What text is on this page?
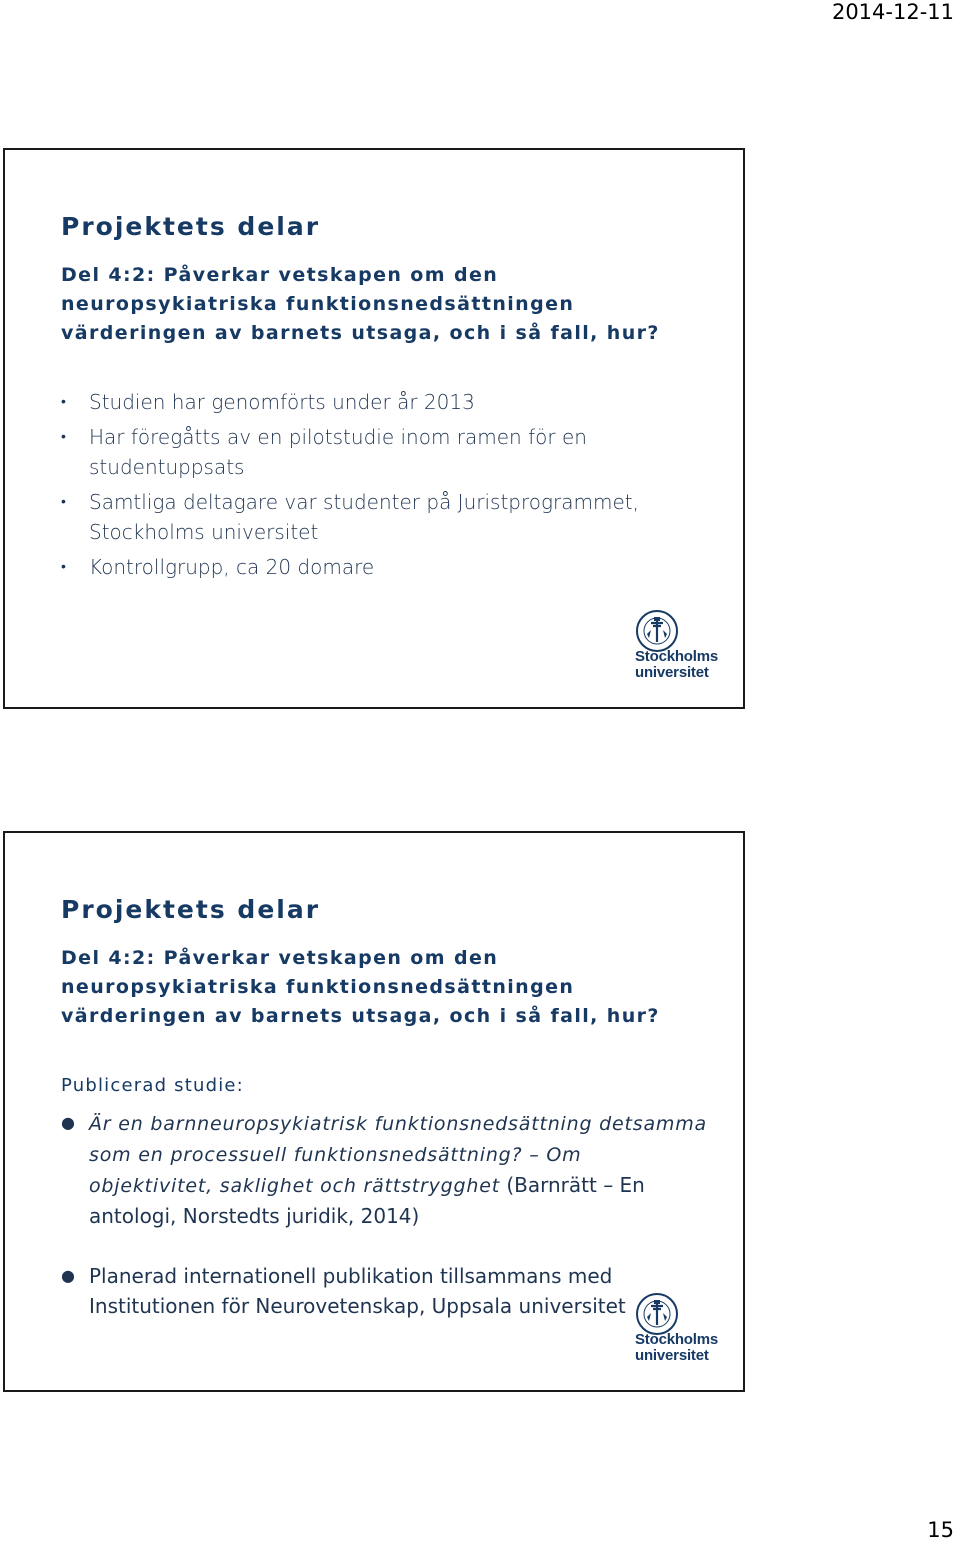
2014-12-11
Projektets delar
Del 4:2: Påverkar vetskapen om den
neuropsykiatriska funktionsnedsättningen
värderingen av barnets utsaga, och i så fall, hur?
• Studien har genomförts under år 2013
• Har föregåtts av en pilotstudie inom ramen för en studentuppsats
• Samtliga deltagare var studenter på Juristprogrammet, Stockholms universitet
• Kontrollgrupp, ca 20 domare
Stockholms
universitet
Projektets delar
Del 4:2: Påverkar vetskapen om den
neuropsykiatriska funktionsnedsättningen
värderingen av barnets utsaga, och i så fall, hur?
Publicerad studie:
● Är en barnneuropsykiatrisk funktionsnedsättning detsamma som en processuell funktionsnedsättning? – Om objektivitet, saklighet och rättstrygghet (Barnrätt – En antologi, Norstedts juridik, 2014)
● Planerad internationell publikation tillsammans med Institutionen för Neurovetenskap, Uppsala universitet
Stockholms
universitet
15
